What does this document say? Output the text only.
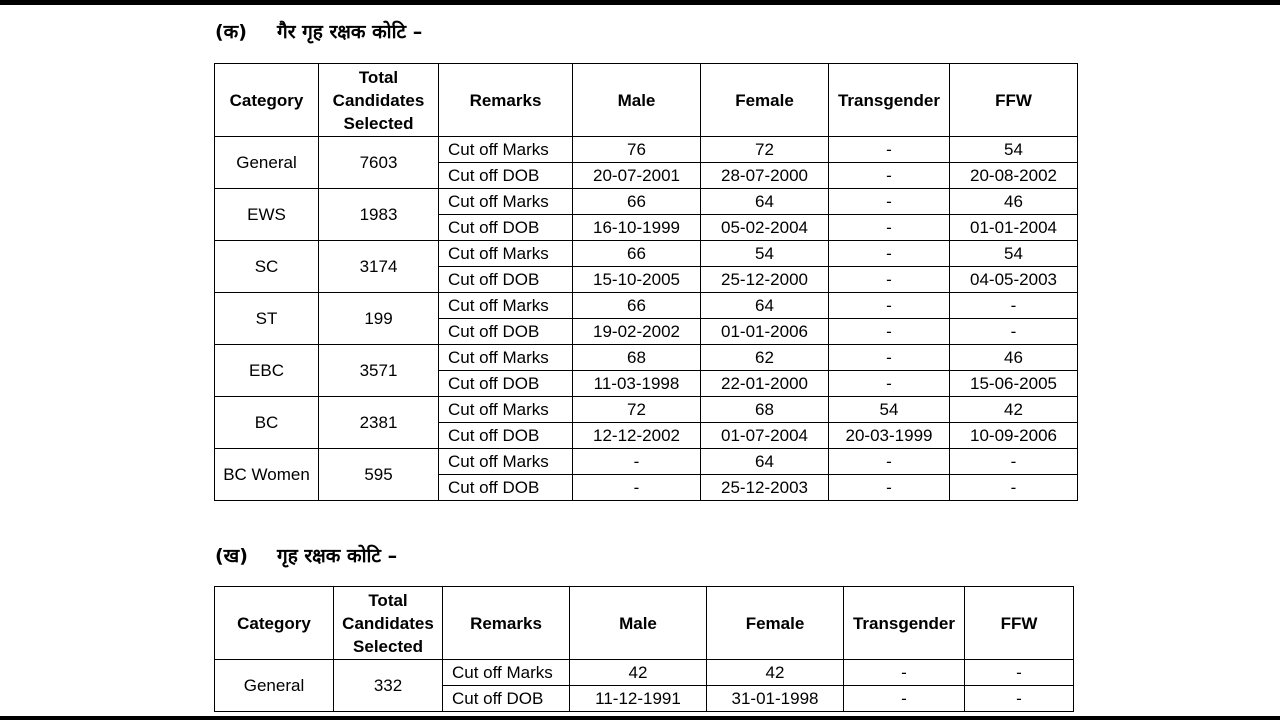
(क) गैर गृह रक्षक कोटि –
Category	Total Candidates Selected	Remarks	Male	Female	Transgender	FFW
General	7603	Cut off Marks	76	72	-	54
		Cut off DOB	20-07-2001	28-07-2000	-	20-08-2002
EWS	1983	Cut off Marks	66	64	-	46
		Cut off DOB	16-10-1999	05-02-2004	-	01-01-2004
SC	3174	Cut off Marks	66	54	-	54
		Cut off DOB	15-10-2005	25-12-2000	-	04-05-2003
ST	199	Cut off Marks	66	64	-	-
		Cut off DOB	19-02-2002	01-01-2006	-	-
EBC	3571	Cut off Marks	68	62	-	46
		Cut off DOB	11-03-1998	22-01-2000	-	15-06-2005
BC	2381	Cut off Marks	72	68	54	42
		Cut off DOB	12-12-2002	01-07-2004	20-03-1999	10-09-2006
BC Women	595	Cut off Marks	-	64	-	-
		Cut off DOB	-	25-12-2003	-	-
(ख) गृह रक्षक कोटि –
Category	Total Candidates Selected	Remarks	Male	Female	Transgender	FFW
General	332	Cut off Marks	42	42	-	-
		Cut off DOB	11-12-1991	31-01-1998	-	-
